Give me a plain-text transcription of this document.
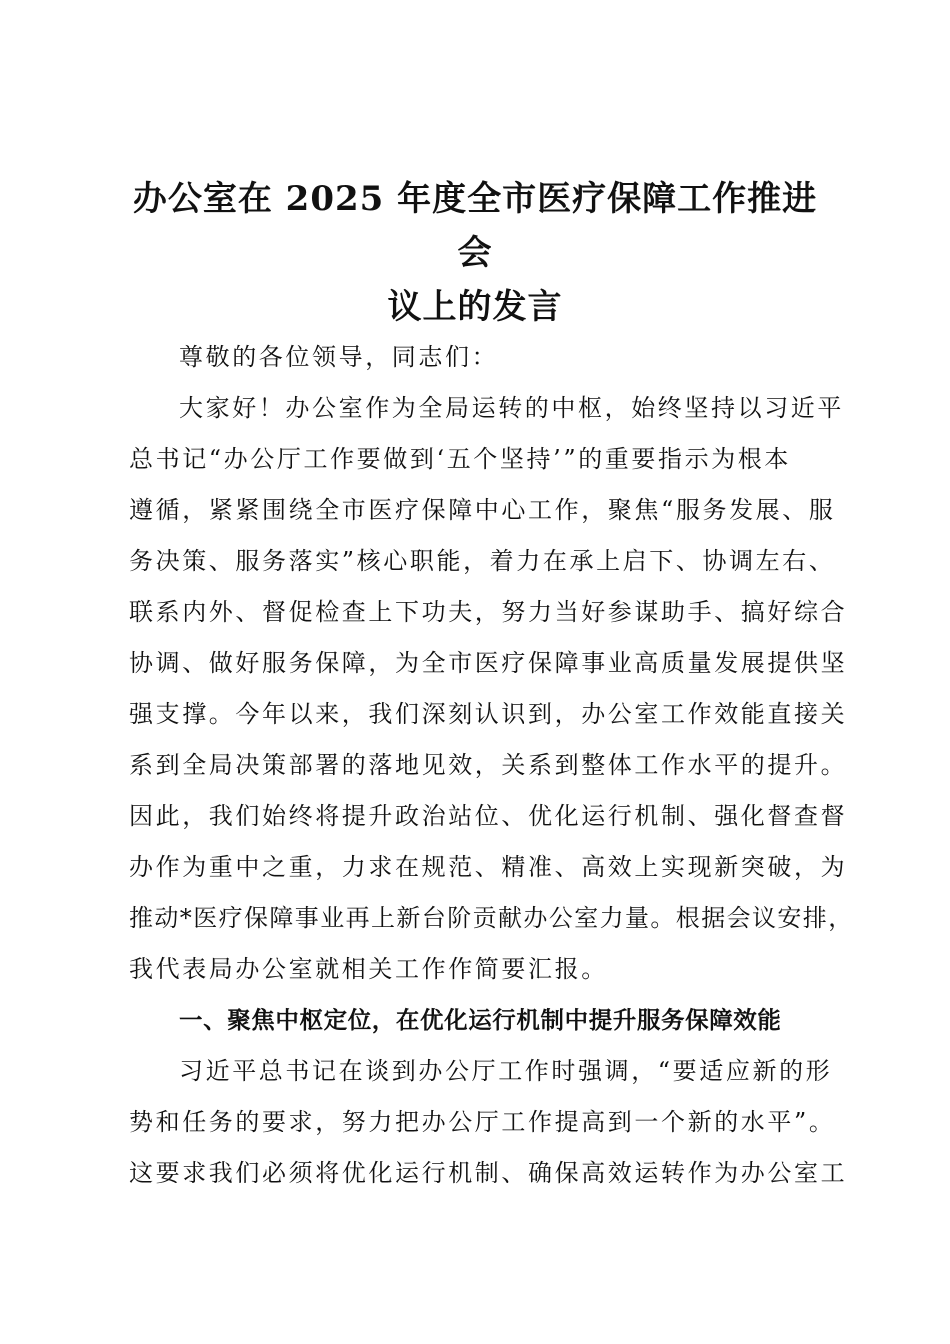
办公室在 2025 年度全市医疗保障工作推进会
议上的发言
尊敬的各位领导，同志们：
大家好！办公室作为全局运转的中枢，始终坚持以习近平
总书记“办公厅工作要做到‘五个坚持’”的重要指示为根本
遵循，紧紧围绕全市医疗保障中心工作，聚焦“服务发展、服
务决策、服务落实”核心职能，着力在承上启下、协调左右、
联系内外、督促检查上下功夫，努力当好参谋助手、搞好综合
协调、做好服务保障，为全市医疗保障事业高质量发展提供坚
强支撑。今年以来，我们深刻认识到，办公室工作效能直接关
系到全局决策部署的落地见效，关系到整体工作水平的提升。
因此，我们始终将提升政治站位、优化运行机制、强化督查督
办作为重中之重，力求在规范、精准、高效上实现新突破，为
推动*医疗保障事业再上新台阶贡献办公室力量。根据会议安排，
我代表局办公室就相关工作作简要汇报。
一、聚焦中枢定位，在优化运行机制中提升服务保障效能
习近平总书记在谈到办公厅工作时强调，“要适应新的形
势和任务的要求，努力把办公厅工作提高到一个新的水平”。
这要求我们必须将优化运行机制、确保高效运转作为办公室工
